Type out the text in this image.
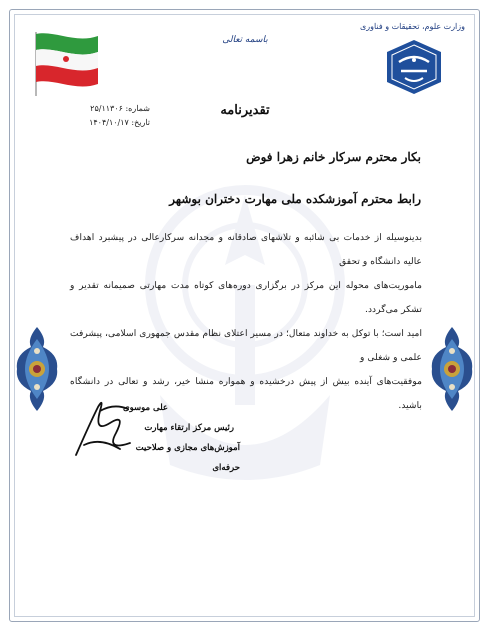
باسمه تعالی
وزارت علوم، تحقیقات و فناوری
شماره: ۲۵/۱۱۳۰۶
تاریخ: ۱۴۰۴/۱۰/۱۷
تقدیرنامه
بکار محترم سرکار خانم زهرا فوض
رابط محترم آموزشکده ملی مهارت دختران بوشهر

بدینوسیله از خدمات بی شائبه و تلاشهای صادقانه و مجدانه سرکارعالی در پیشبرد اهداف عالیه دانشگاه و تحقق

ماموریت‌های محوله این مرکز در برگزاری دوره‌های کوتاه مدت مهارتی صمیمانه تقدیر و تشکر می‌گردد.

امید است؛ با توکل به خداوند متعال؛ در مسیر اعتلای نظام مقدس جمهوری اسلامی، پیشرفت علمی و شغلی و

موفقیت‌های آینده بیش از پیش درخشیده و همواره منشا خیر، رشد و تعالی در دانشگاه باشید.

علی موسوی
رئیس مرکز ارتقاء مهارت
آموزش‌های مجازی و صلاحیت حرفه‌ای
